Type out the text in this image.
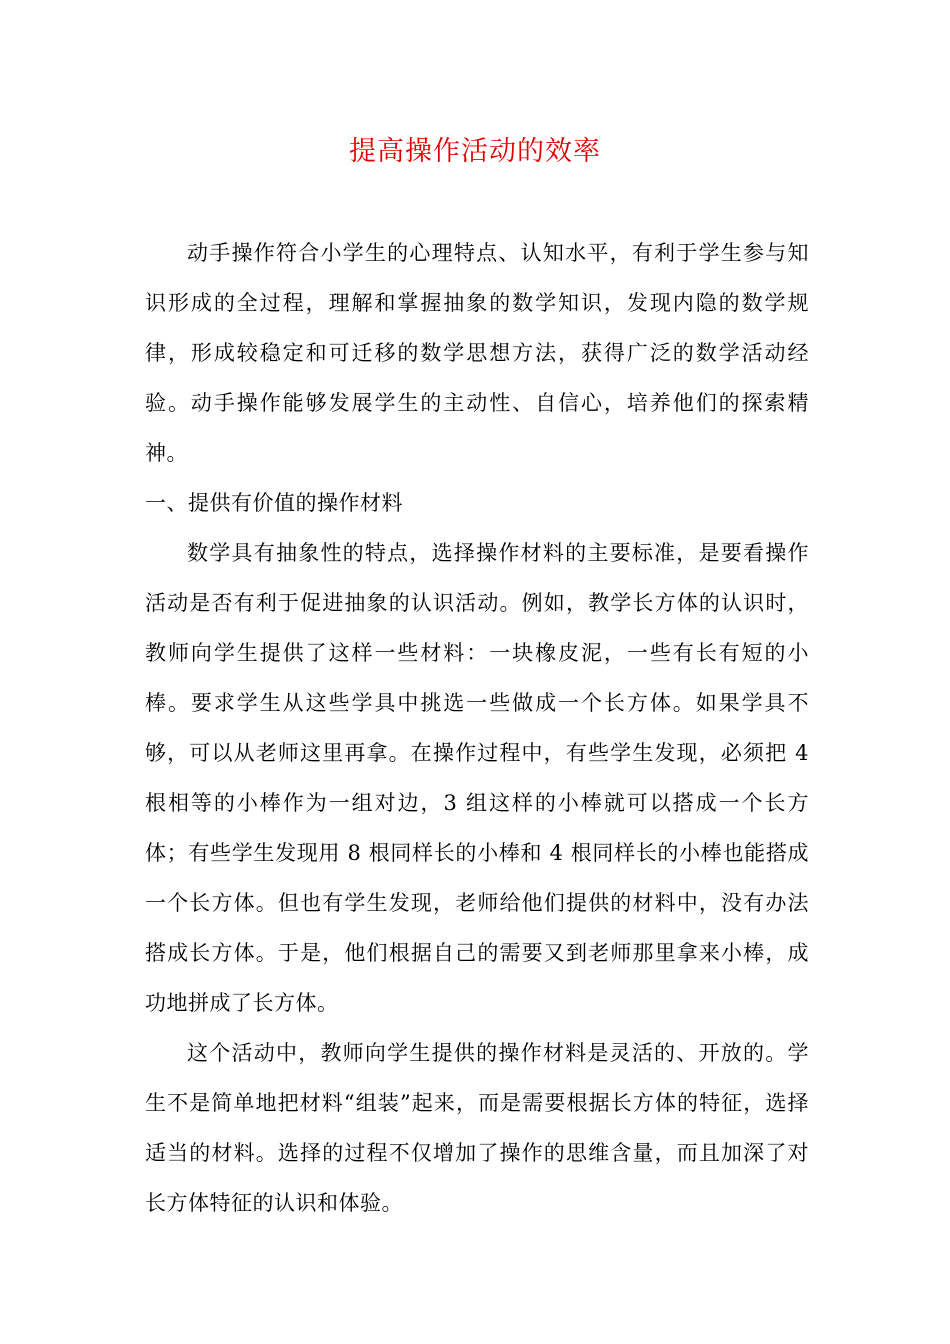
提高操作活动的效率

动手操作符合小学生的心理特点、认知水平，有利于学生参与知识形成的全过程，理解和掌握抽象的数学知识，发现内隐的数学规律，形成较稳定和可迁移的数学思想方法，获得广泛的数学活动经验。动手操作能够发展学生的主动性、自信心，培养他们的探索精神。

一、提供有价值的操作材料

数学具有抽象性的特点，选择操作材料的主要标准，是要看操作活动是否有利于促进抽象的认识活动。例如，教学长方体的认识时，教师向学生提供了这样一些材料：一块橡皮泥，一些有长有短的小棒。要求学生从这些学具中挑选一些做成一个长方体。如果学具不够，可以从老师这里再拿。在操作过程中，有些学生发现，必须把 4 根相等的小棒作为一组对边，3 组这样的小棒就可以搭成一个长方体；有些学生发现用 8 根同样长的小棒和 4 根同样长的小棒也能搭成一个长方体。但也有学生发现，老师给他们提供的材料中，没有办法搭成长方体。于是，他们根据自己的需要又到老师那里拿来小棒，成功地拼成了长方体。

这个活动中，教师向学生提供的操作材料是灵活的、开放的。学生不是简单地把材料“组装”起来，而是需要根据长方体的特征，选择适当的材料。选择的过程不仅增加了操作的思维含量，而且加深了对长方体特征的认识和体验。
